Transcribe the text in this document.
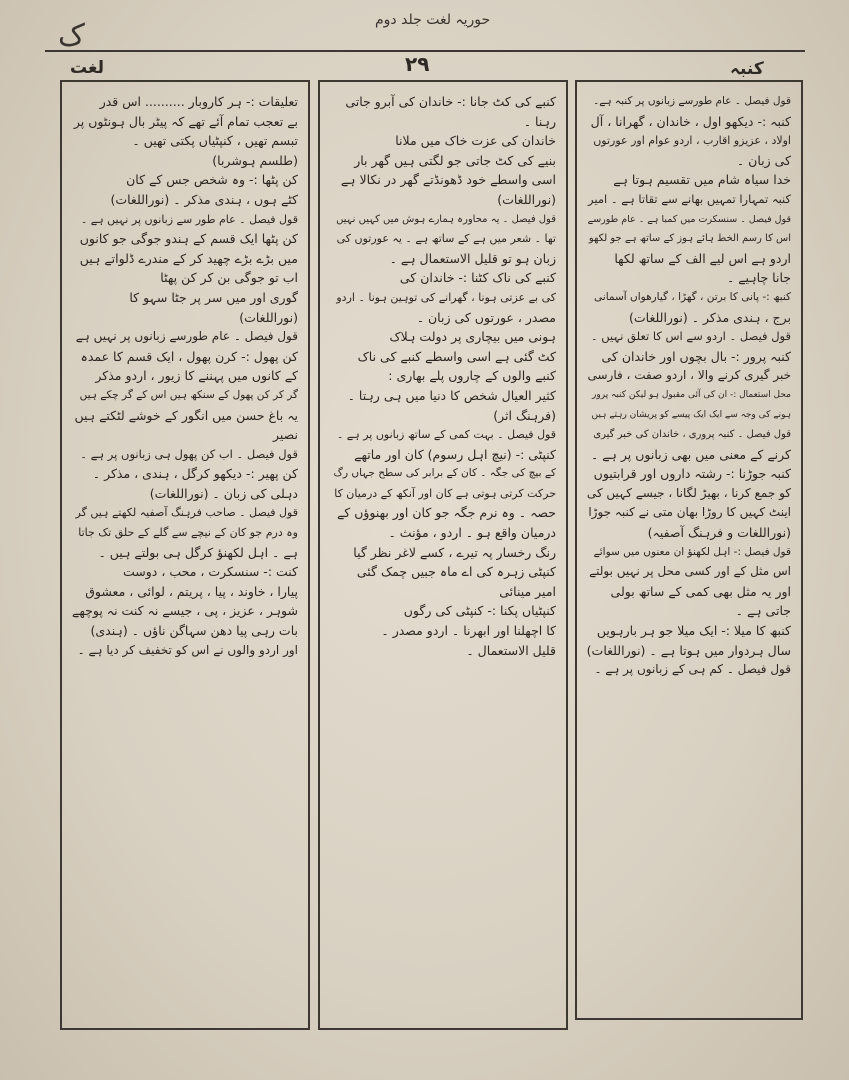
ک	حوریہ لغت جلد دوم
لغت	۲۹	کنبہ

قول فیصل ۔ عام طورسے زبانوں پر کنبہ ہے۔

کنبہ :- دیکھو اول ، خاندان ، گھرانا ، آل

اولاد ، عزیزو اقارب ، اردو عوام اور عورتوں

کی زبان ۔

خدا سیاہ شام میں تقسیم ہوتا ہے

کنبہ تمہارا تمہیں بھانے سے تقاتا ہے ۔ امیر

قول فیصل ۔ سنسکرت میں کمبا ہے ۔ عام طورسے

اس کا رسم الخط ہائے ہوز کے ساتھ ہے جو لکھو

اردو ہے اس لیے الف کے ساتھ لکھا

جانا چاہیے ۔

کنبھ :- پانی کا برتن ، گھڑا ، گیارھواں آسمانی

برج ، ہندی مذکر ۔ (نوراللغات)

قول فیصل ۔ اردو سے اس کا تعلق نہیں ۔

کنبہ پرور :- بال بچوں اور خاندان کی

خبر گیری کرنے والا ، اردو صفت ، فارسی

محل استعمال :- ان کی آئی مقبول ہو لیکن کنبہ پرور

ہونے کی وجہ سے ایک ایک پیسے کو پریشان رہتے ہیں

قول فیصل ۔ کنبہ پروری ، خاندان کی خبر گیری

کرنے کے معنی میں بھی زبانوں پر ہے ۔

کنبہ جوڑنا :- رشتہ داروں اور قرابتیوں

کو جمع کرنا ، بھیڑ لگانا ، جیسے کہیں کی

اینٹ کہیں کا روڑا بھان متی نے کنبہ جوڑا

(نوراللغات و فرہنگ آصفیہ)

قول فیصل :- اہل لکھنؤ ان معنوں میں سوائے

اس مثل کے اور کسی محل پر نہیں بولتے

اور یہ مثل بھی کمی کے ساتھ بولی

جاتی ہے ۔

کنبھ کا میلا :- ایک میلا جو ہر بارہویں

سال ہردوار میں ہوتا ہے ۔ (نوراللغات)

قول فیصل ۔ کم ہی کے زبانوں پر ہے ۔

کنبے کی کٹ جانا :- خاندان کی آبرو جاتی

رہنا ۔

خاندان کی عزت خاک میں ملانا

بنیے کی کٹ جاتی جو لگتی ہیں گھر بار

اسی واسطے خود ڈھونڈتے گھر در نکالا ہے

(نوراللغات)

قول فیصل ۔ یہ محاورہ ہمارے ہوش میں کہیں نہیں

تھا ۔ شعر میں ہے کے ساتھ ہے ۔ یہ عورتوں کی

زبان ہو تو قلیل الاستعمال ہے ۔

کنبے کی ناک کٹنا :- خاندان کی

کی بے عزتی ہونا ، گھرانے کی توہین ہونا ۔ اردو

مصدر ، عورتوں کی زبان ۔

ہونی میں بیچاری پر دولت ہلاک

کٹ گئی ہے اسی واسطے کنبے کی ناک

کنبے والوں کے چاروں پلے بھاری :

کثیر العیال شخص کا دنیا میں ہی رہتا ۔

(فرہنگ اثر)

قول فیصل ۔ بہت کمی کے ساتھ زبانوں پر ہے ۔

کنپٹی :- (نیچ اہل رسوم) کان اور ماتھے

کے بیچ کی جگہ ۔ کان کے برابر کی سطح جہاں رگ

حرکت کرتی ہوتی ہے کان اور آنکھ کے درمیان کا

حصہ ۔ وہ نرم جگہ جو کان اور بھنوؤں کے

درمیان واقع ہو ۔ اردو ، مؤنث ۔

رنگ رخسار پہ تیرے ، کسے لاغر نظر گیا

کنپٹی زہرہ کی اے ماہ جبیں چمک گئی

امیر مینائی

کنپٹیاں پکنا :- کنپٹی کی رگوں

کا اچھلنا اور ابھرنا ۔ اردو مصدر ۔

قلیل الاستعمال ۔

تعلیقات :- ہر کاروبار .......... اس قدر

بے تعجب تمام آئے تھے کہ پیٹر بال ہونٹوں پر

تبسم تھیں ، کنپٹیاں پکتی تھیں ۔

(طلسم ہوشربا)

کن پٹھا :- وہ شخص جس کے کان

کٹے ہوں ، ہندی مذکر ۔ (نوراللغات)

قول فیصل ۔ عام طور سے زبانوں پر نہیں ہے ۔

کن پٹھا ایک قسم کے ہندو جوگی جو کانوں

میں بڑے بڑے چھید کر کے مندرے ڈلواتے ہیں

اب تو جوگی بن کر کن پھٹا

گوری اور میں سر پر جٹا سہو کا

(نوراللغات)

قول فیصل ۔ عام طورسے زبانوں پر نہیں ہے

کن پھول :- کرن پھول ، ایک قسم کا عمدہ

کے کانوں میں پہننے کا زیور ، اردو مذکر

گر کر کن پھول کے سنکھ ہیں اس کے گر چکے ہیں

یہ باغ حسن میں انگور کے خوشے لٹکتے ہیں

نصیر

قول فیصل ۔ اب کن پھول ہی زبانوں پر ہے ۔

کن پھیر :- دیکھو کرگل ، ہندی ، مذکر ۔

دہلی کی زبان ۔ (نوراللغات)

قول فیصل ۔ صاحب فرہنگ آصفیہ لکھتے ہیں گر

وہ درم جو کان کے نیچے سے گلے کے حلق تک جاتا

ہے ۔ اہل لکھنؤ کرگل ہی بولتے ہیں ۔

کنت :- سنسکرت ، محب ، دوست

پیارا ، خاوند ، پیا ، پریتم ، لوائی ، معشوق

شوہر ، عزیز ، پی ، جیسے نہ کنت نہ پوچھے

بات رہی پیا دھن سہاگن ناؤں ۔ (ہندی)

اور اردو والوں نے اس کو تخفیف کر دیا ہے ۔
